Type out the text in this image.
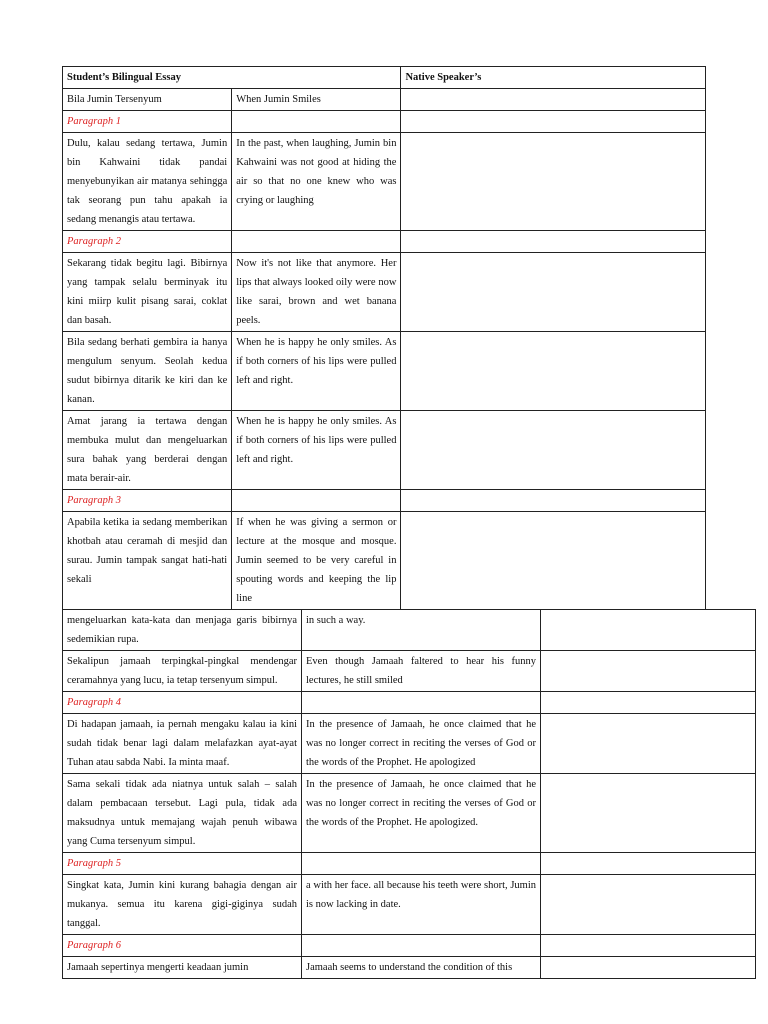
Student’s Bilingual Essay		Native Speaker’s
Bila Jumin Tersenyum	When Jumin Smiles	
Paragraph 1		
Dulu, kalau sedang tertawa, Jumin bin Kahwaini tidak pandai menyebunyikan air matanya sehingga tak seorang pun tahu apakah ia sedang menangis atau tertawa.	In the past, when laughing, Jumin bin Kahwaini was not good at hiding the air so that no one knew who was crying or laughing	
Paragraph 2		
Sekarang tidak begitu lagi. Bibirnya yang tampak selalu berminyak itu kini miirp kulit pisang sarai, coklat dan basah.	Now it's not like that anymore. Her lips that always looked oily were now like sarai, brown and wet banana peels.	
Bila sedang berhati gembira ia hanya mengulum senyum. Seolah kedua sudut bibirnya ditarik ke kiri dan ke kanan.	When he is happy he only smiles. As if both corners of his lips were pulled left and right.	
Amat jarang ia tertawa dengan membuka mulut dan mengeluarkan sura bahak yang berderai dengan mata berair-air.	When he is happy he only smiles. As if both corners of his lips were pulled left and right.	
Paragraph 3		
Apabila ketika ia sedang memberikan khotbah atau ceramah di mesjid dan surau. Jumin tampak sangat hati-hati sekali	If when he was giving a sermon or lecture at the mosque and mosque. Jumin seemed to be very careful in spouting words and keeping the lip line	
mengeluarkan kata-kata dan menjaga garis bibirnya sedemikian rupa.	in such a way.	
Sekalipun jamaah terpingkal-pingkal mendengar ceramahnya yang lucu, ia tetap tersenyum simpul.	Even though Jamaah faltered to hear his funny lectures, he still smiled	
Paragraph 4		
Di hadapan jamaah, ia pernah mengaku kalau ia kini sudah tidak benar lagi dalam melafazkan ayat-ayat Tuhan atau sabda Nabi. Ia minta maaf.	In the presence of Jamaah, he once claimed that he was no longer correct in reciting the verses of God or the words of the Prophet. He apologized	
Sama sekali tidak ada niatnya untuk salah – salah dalam pembacaan tersebut. Lagi pula, tidak ada maksudnya untuk memajang wajah penuh wibawa yang Cuma tersenyum simpul.	In the presence of Jamaah, he once claimed that he was no longer correct in reciting the verses of God or the words of the Prophet. He apologized.	
Paragraph 5		
Singkat kata, Jumin kini kurang bahagia dengan air mukanya. semua itu karena gigi-giginya sudah tanggal.	a with her face. all because his teeth were short, Jumin is now lacking in date.	
Paragraph 6		
Jamaah sepertinya mengerti keadaan jumin	Jamaah seems to understand the condition of this	
